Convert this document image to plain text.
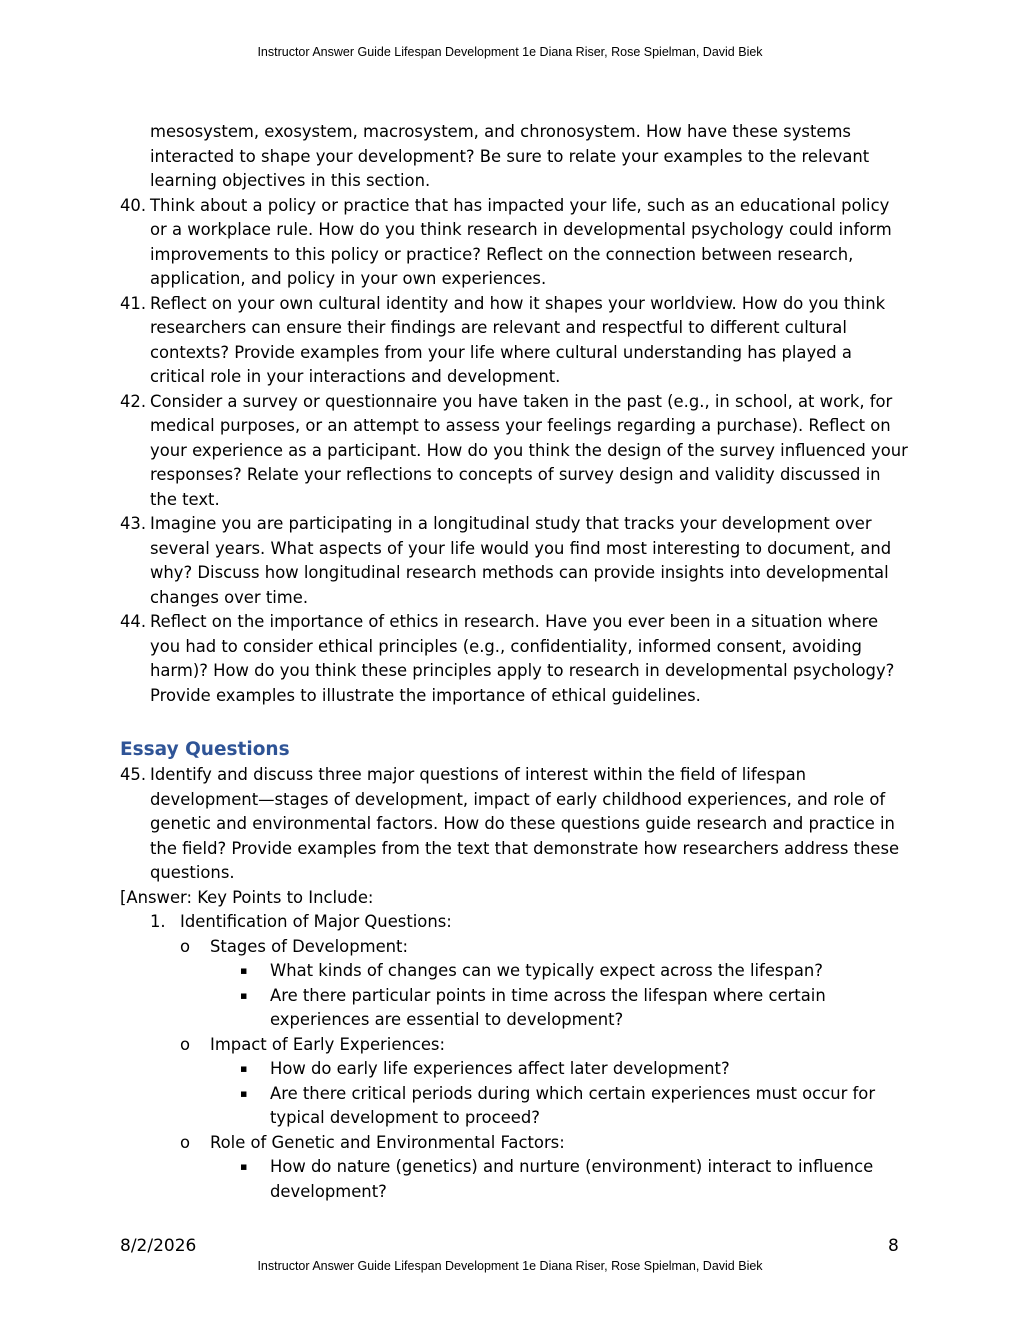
Instructor Answer Guide Lifespan Development 1e Diana Riser, Rose Spielman, David Biek

mesosystem, exosystem, macrosystem, and chronosystem. How have these systems interacted to shape your development? Be sure to relate your examples to the relevant learning objectives in this section.

40. Think about a policy or practice that has impacted your life, such as an educational policy or a workplace rule. How do you think research in developmental psychology could inform improvements to this policy or practice? Reflect on the connection between research, application, and policy in your own experiences.

41. Reflect on your own cultural identity and how it shapes your worldview. How do you think researchers can ensure their findings are relevant and respectful to different cultural contexts? Provide examples from your life where cultural understanding has played a critical role in your interactions and development.

42. Consider a survey or questionnaire you have taken in the past (e.g., in school, at work, for medical purposes, or an attempt to assess your feelings regarding a purchase). Reflect on your experience as a participant. How do you think the design of the survey influenced your responses? Relate your reflections to concepts of survey design and validity discussed in the text.

43. Imagine you are participating in a longitudinal study that tracks your development over several years. What aspects of your life would you find most interesting to document, and why? Discuss how longitudinal research methods can provide insights into developmental changes over time.

44. Reflect on the importance of ethics in research. Have you ever been in a situation where you had to consider ethical principles (e.g., confidentiality, informed consent, avoiding harm)? How do you think these principles apply to research in developmental psychology? Provide examples to illustrate the importance of ethical guidelines.

Essay Questions

45. Identify and discuss three major questions of interest within the field of lifespan development—stages of development, impact of early childhood experiences, and role of genetic and environmental factors. How do these questions guide research and practice in the field? Provide examples from the text that demonstrate how researchers address these questions.

[Answer: Key Points to Include:

1. Identification of Major Questions:

o Stages of Development:

▪ What kinds of changes can we typically expect across the lifespan?

▪ Are there particular points in time across the lifespan where certain experiences are essential to development?

o Impact of Early Experiences:

▪ How do early life experiences affect later development?

▪ Are there critical periods during which certain experiences must occur for typical development to proceed?

o Role of Genetic and Environmental Factors:

▪ How do nature (genetics) and nurture (environment) interact to influence development?

8/2/2026	8
Instructor Answer Guide Lifespan Development 1e Diana Riser, Rose Spielman, David Biek
